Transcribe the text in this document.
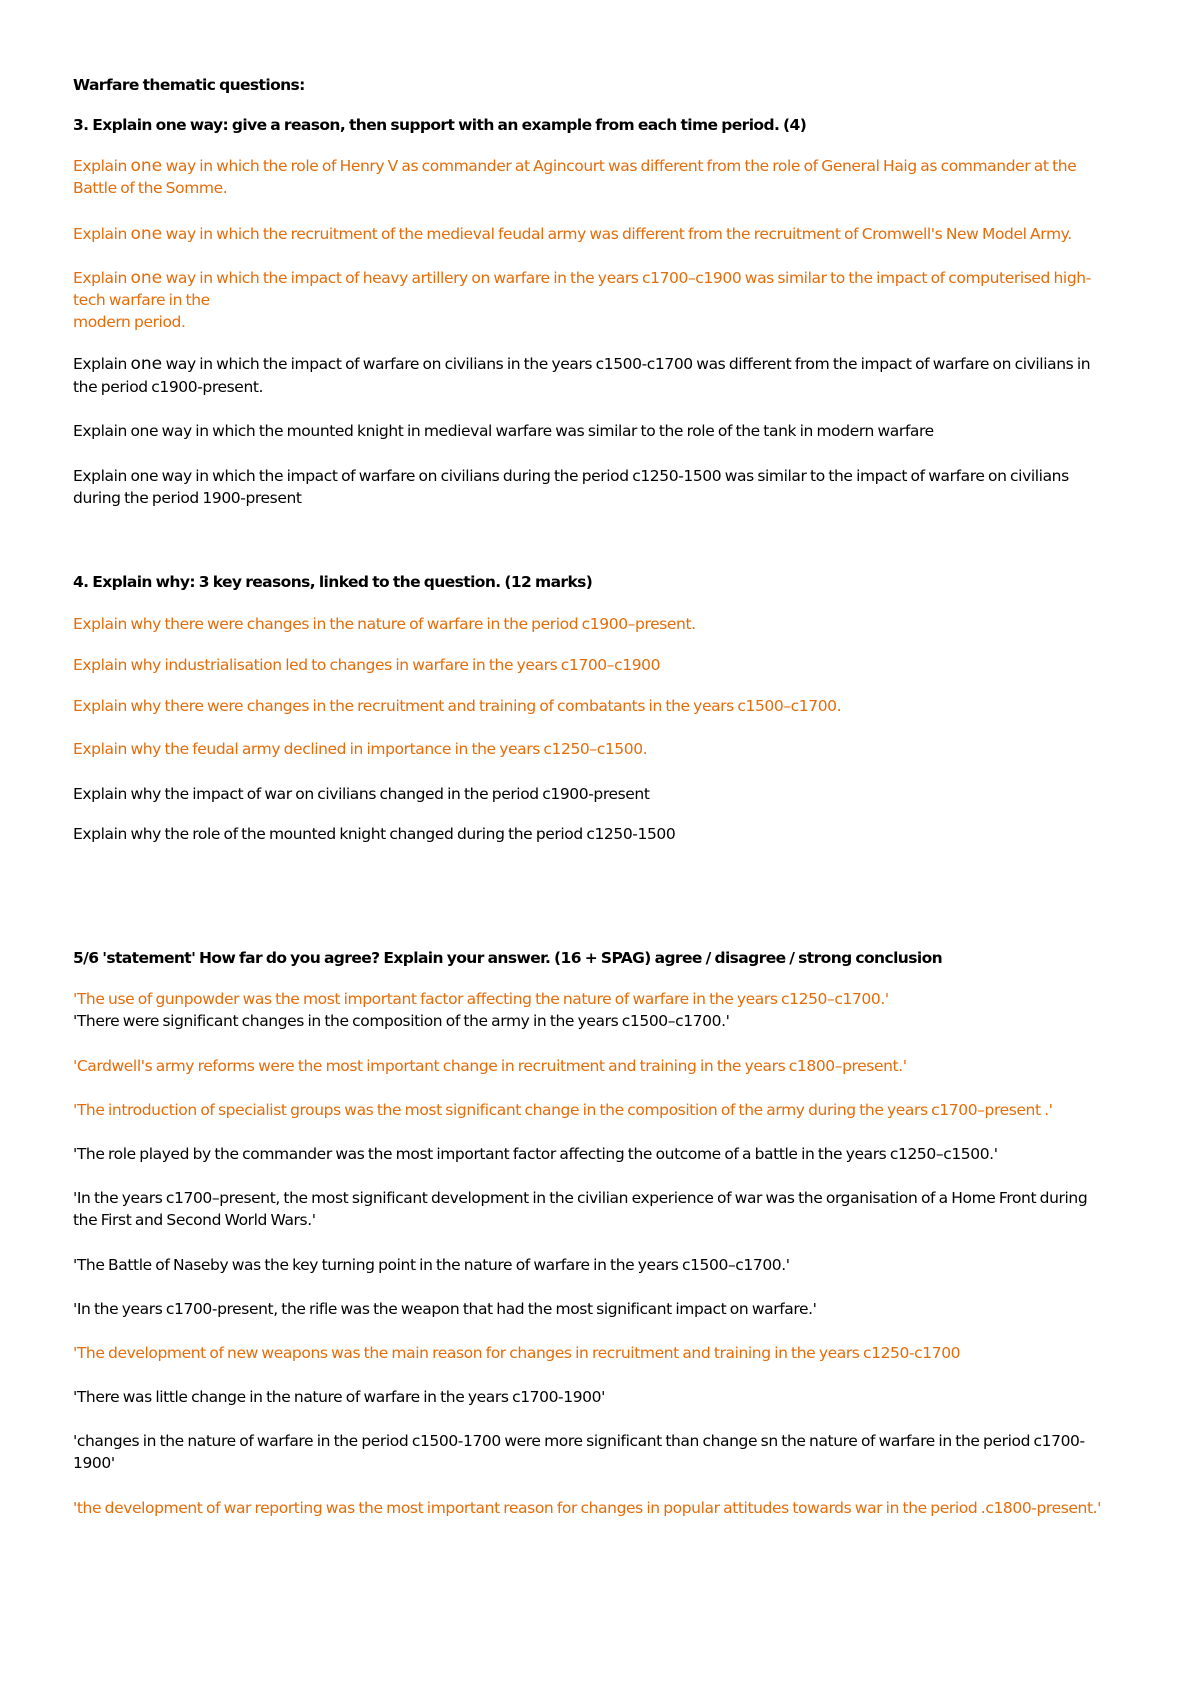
Warfare thematic questions:

3. Explain one way: give a reason, then support with an example from each time period. (4)

Explain one way in which the role of Henry V as commander at Agincourt was different from the role of General Haig as commander at the

Battle of the Somme.

Explain one way in which the recruitment of the medieval feudal army was different from the recruitment of Cromwell's New Model Army.

Explain one way in which the impact of heavy artillery on warfare in the years c1700–c1900 was similar to the impact of computerised high-

tech warfare in the

modern period.

Explain one way in which the impact of warfare on civilians in the years c1500-c1700 was different from the impact of warfare on civilians in

the period c1900-present.

Explain one way in which the mounted knight in medieval warfare was similar to the role of the tank in modern warfare

Explain one way in which the impact of warfare on civilians during the period c1250-1500 was similar to the impact of warfare on civilians

during the period 1900-present

4. Explain why: 3 key reasons, linked to the question. (12 marks)

Explain why there were changes in the nature of warfare in the period c1900–present.

Explain why industrialisation led to changes in warfare in the years c1700–c1900

Explain why there were changes in the recruitment and training of combatants in the years c1500–c1700.

Explain why the feudal army declined in importance in the years c1250–c1500.

Explain why the impact of war on civilians changed in the period c1900-present

Explain why the role of the mounted knight changed during the period c1250-1500

5/6 'statement' How far do you agree? Explain your answer. (16 + SPAG) agree / disagree / strong conclusion

'The use of gunpowder was the most important factor affecting the nature of warfare in the years c1250–c1700.'

'There were significant changes in the composition of the army in the years c1500–c1700.'

'Cardwell's army reforms were the most important change in recruitment and training in the years c1800–present.'

'The introduction of specialist groups was the most significant change in the composition of the army during the years c1700–present .'

'The role played by the commander was the most important factor affecting the outcome of a battle in the years c1250–c1500.'

'In the years c1700–present, the most significant development in the civilian experience of war was the organisation of a Home Front during

the First and Second World Wars.'

'The Battle of Naseby was the key turning point in the nature of warfare in the years c1500–c1700.'

'In the years c1700-present, the rifle was the weapon that had the most significant impact on warfare.'

'The development of new weapons was the main reason for changes in recruitment and training in the years c1250-c1700

'There was little change in the nature of warfare in the years c1700-1900'

'changes in the nature of warfare in the period c1500-1700 were more significant than change sn the nature of warfare in the period c1700-

1900'

'the development of war reporting was the most important reason for changes in popular attitudes towards war in the period .c1800-present.'
